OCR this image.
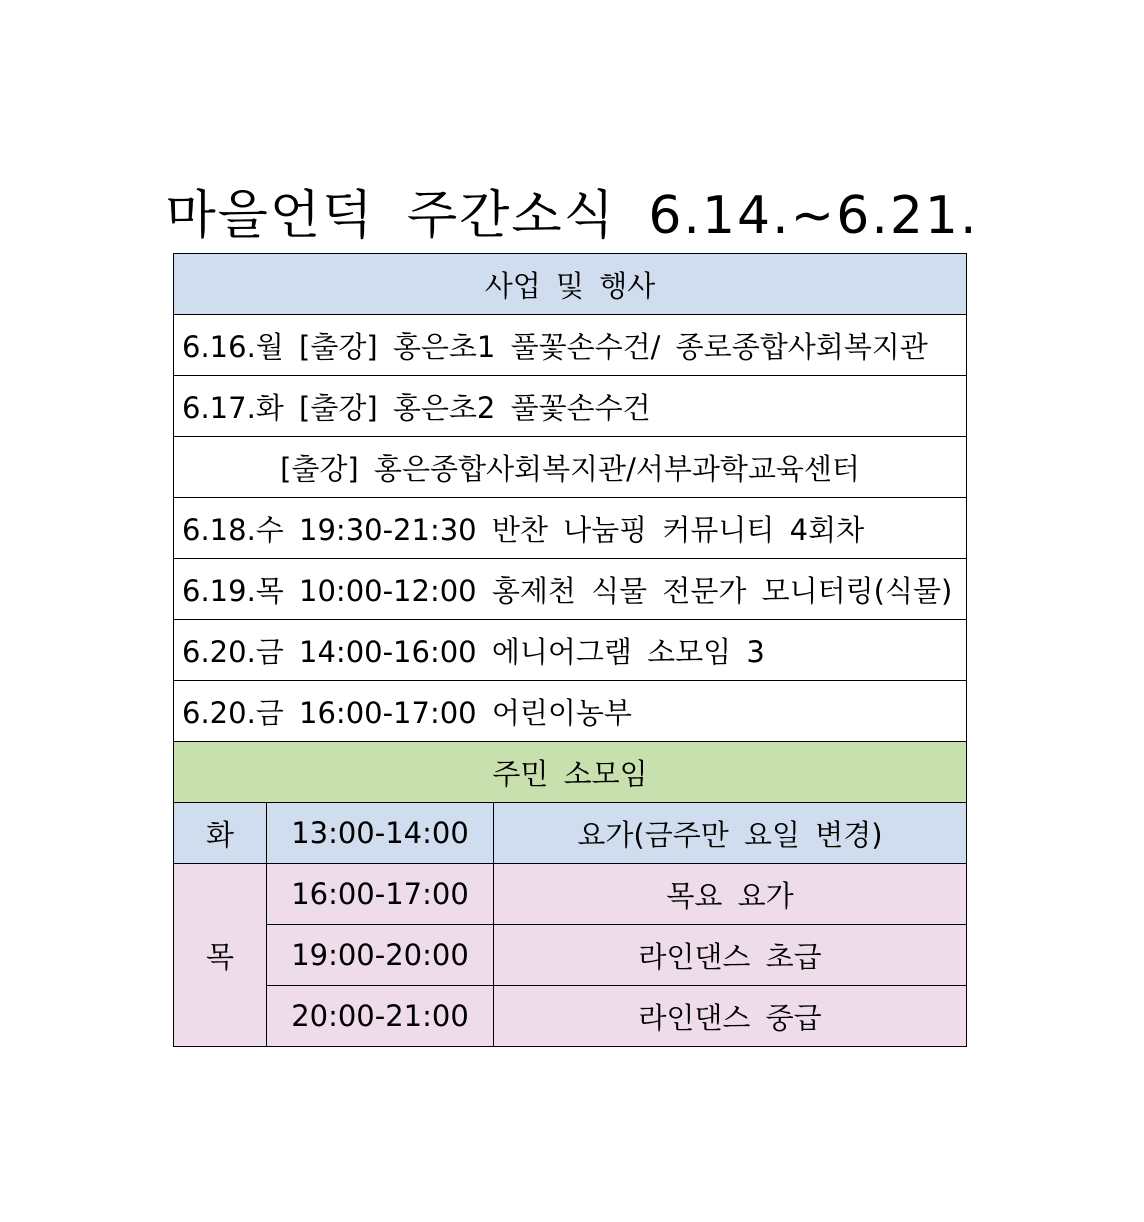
마을언덕 주간소식 6.14.~6.21.
사업 및 행사		
6.16.월 [출강] 홍은초1 풀꽃손수건/ 종로종합사회복지관		
6.17.화 [출강] 홍은초2 풀꽃손수건		
[출강] 홍은종합사회복지관/서부과학교육센터		
6.18.수 19:30-21:30 반찬 나눔핑 커뮤니티 4회차		
6.19.목 10:00-12:00 홍제천 식물 전문가 모니터링(식물)		
6.20.금 14:00-16:00 에니어그램 소모임 3		
6.20.금 16:00-17:00 어린이농부		
주민 소모임		
화	13:00-14:00	요가(금주만 요일 변경)
목	16:00-17:00	목요 요가
	19:00-20:00	라인댄스 초급
	20:00-21:00	라인댄스 중급
